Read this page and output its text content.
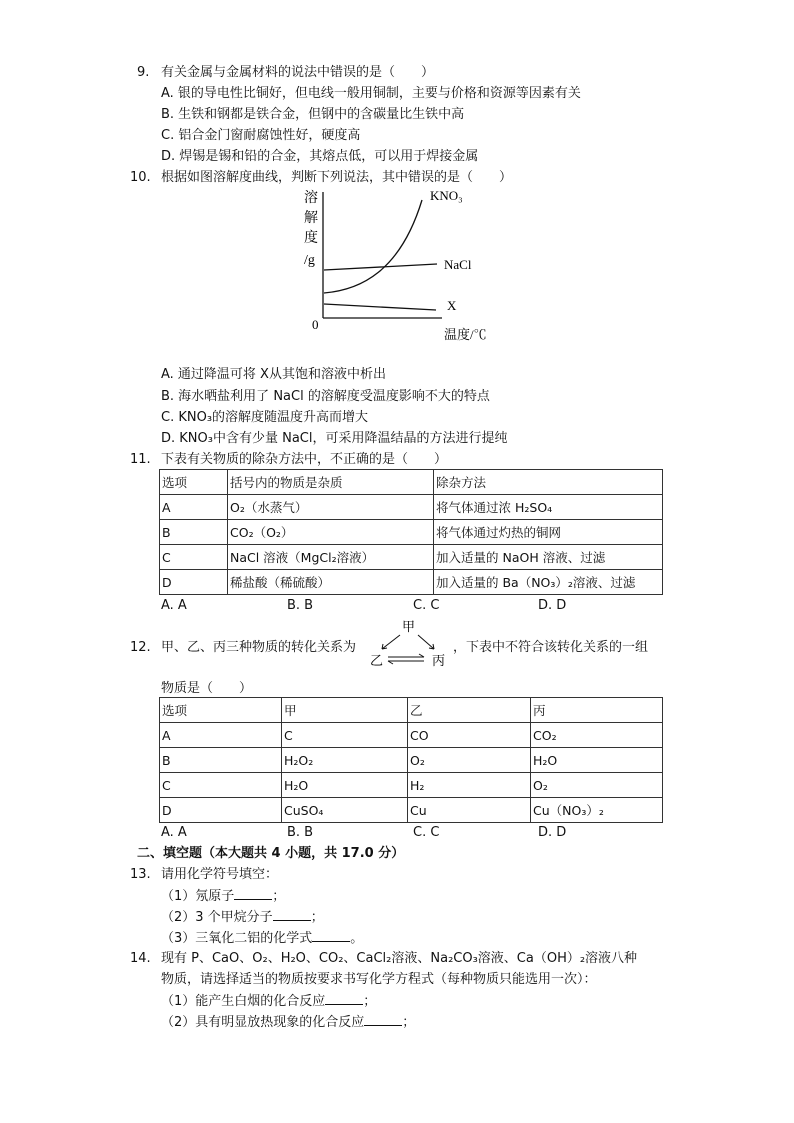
9. 有关金属与金属材料的说法中错误的是（　　）
A. 银的导电性比铜好，但电线一般用铜制，主要与价格和资源等因素有关
B. 生铁和钢都是铁合金，但钢中的含碳量比生铁中高
C. 铝合金门窗耐腐蚀性好，硬度高
D. 焊锡是锡和铅的合金，其熔点低，可以用于焊接金属
10. 根据如图溶解度曲线，判断下列说法，其中错误的是（　　）
溶
解
度
/g
0
温度/℃
KNO₃
NaCl
X
A. 通过降温可将 X从其饱和溶液中析出
B. 海水晒盐利用了 NaCl 的溶解度受温度影响不大的特点
C. KNO₃的溶解度随温度升高而增大
D. KNO₃中含有少量 NaCl，可采用降温结晶的方法进行提纯
11. 下表有关物质的除杂方法中，不正确的是（　　）
选项	括号内的物质是杂质	除杂方法
A	O₂（水蒸气）	将气体通过浓 H₂SO₄
B	CO₂（O₂）	将气体通过灼热的铜网
C	NaCl 溶液（MgCl₂溶液）	加入适量的 NaOH 溶液、过滤
D	稀盐酸（稀硫酸）	加入适量的 Ba（NO₃）₂溶液、过滤
A. A	B. B	C. C	D. D
12. 甲、乙、丙三种物质的转化关系为
甲
乙	丙
，下表中不符合该转化关系的一组
物质是（　　）
选项	甲	乙	丙
A	C	CO	CO₂
B	H₂O₂	O₂	H₂O
C	H₂O	H₂	O₂
D	CuSO₄	Cu	Cu（NO₃）₂
A. A	B. B	C. C	D. D
二、填空题（本大题共 4 小题，共 17.0 分）
13. 请用化学符号填空：
（1）氖原子	；
（2）3 个甲烷分子	；
（3）三氧化二铝的化学式	。
14. 现有 P、CaO、O₂、H₂O、CO₂、CaCl₂溶液、Na₂CO₃溶液、Ca（OH）₂溶液八种
物质，请选择适当的物质按要求书写化学方程式（每种物质只能选用一次）：
（1）能产生白烟的化合反应	；
（2）具有明显放热现象的化合反应	；
